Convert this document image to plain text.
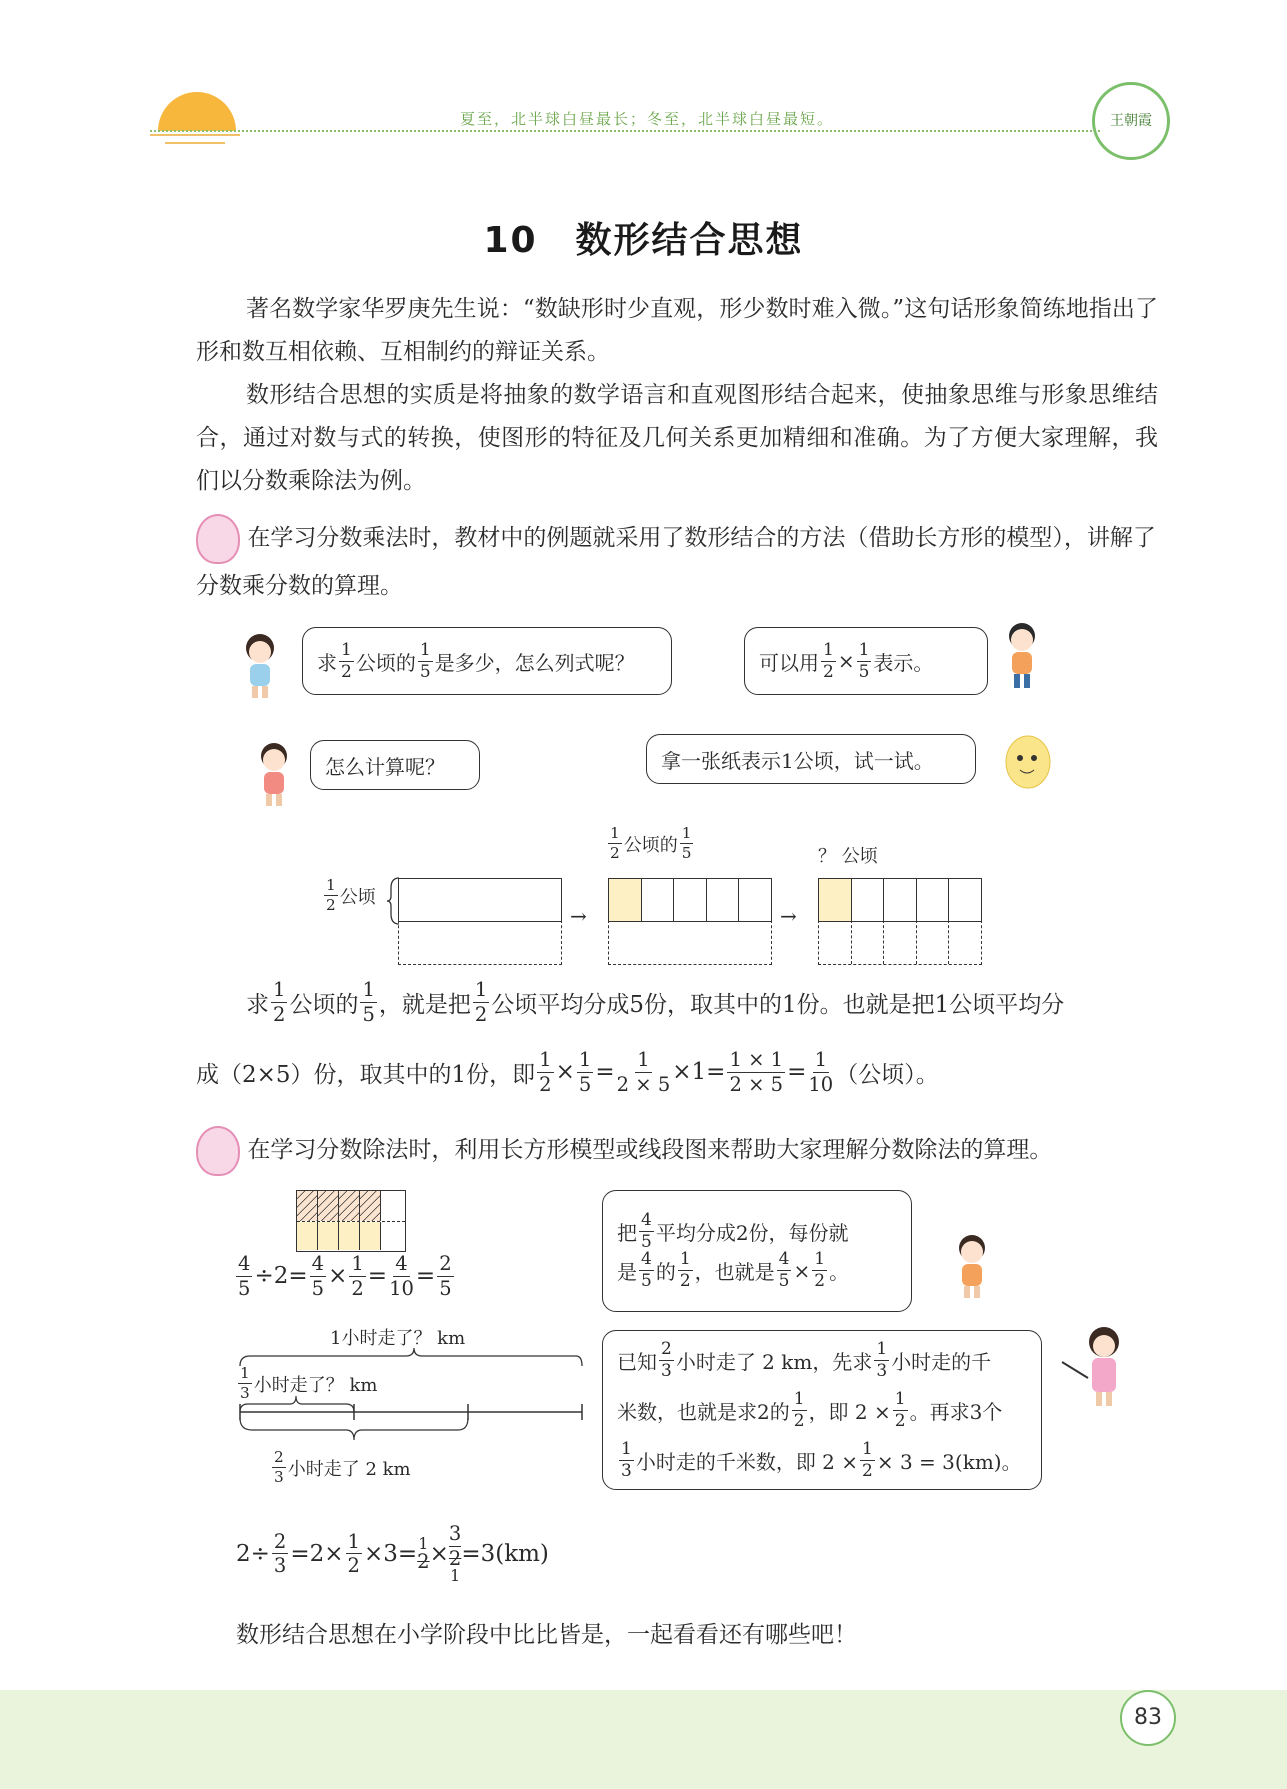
夏至，北半球白昼最长；冬至，北半球白昼最短。	王朝霞
10　数形结合思想

著名数学家华罗庚先生说：“数缺形时少直观，形少数时难入微。”这句话形象简练地指出了形和数互相依赖、互相制约的辩证关系。

数形结合思想的实质是将抽象的数学语言和直观图形结合起来，使抽象思维与形象思维结合，通过对数与式的转换，使图形的特征及几何关系更加精细和准确。为了方便大家理解，我们以分数乘除法为例。

在学习分数乘法时，教材中的例题就采用了数形结合的方法（借助长方形的模型），讲解了分数乘分数的算理。
求 $\frac{1}{2}$ 公顷的 $\frac{1}{5}$ 是多少，怎么列式呢？	可以用 $\frac{1}{2} \times \frac{1}{5}$ 表示。
怎么计算呢？	拿一张纸表示1公顷，试一试。
$\frac{1}{2}$ 公顷
→
$\frac{1}{2}$ 公顷的 $\frac{1}{5}$
→
？ 公顷
求 $\frac{1}{2}$ 公顷的 $\frac{1}{5}$ ，就是把 $\frac{1}{2}$ 公顷平均分成5份，取其中的1份。也就是把1公顷平均分
成（2×5）份，取其中的1份，即 $\frac{1}{2} \times \frac{1}{5} = \frac{1}{2 \times 5} \times 1= \frac{1 \times 1}{2 \times 5} = \frac{1}{10}$ （公顷）。
在学习分数除法时，利用长方形模型或线段图来帮助大家理解分数除法的算理。
$\frac{4}{5} \div 2= \frac{4}{5} \times \frac{1}{2} = \frac{4}{10} = \frac{2}{5}$
把 $\frac{4}{5}$ 平均分成2份，每份就
是 $\frac{4}{5}$ 的 $\frac{1}{2}$ ，也就是 $\frac{4}{5} \times \frac{1}{2}$ 。
1小时走了？ km
$\frac{1}{3}$ 小时走了？ km
$\frac{2}{3}$ 小时走了 2 km
已知 $\frac{2}{3}$ 小时走了 2 km，先求 $\frac{1}{3}$ 小时走的千
米数，也就是求2的 $\frac{1}{2}$ ，即 $2 \times \frac{1}{2}$ 。再求3个
$\frac{1}{3}$ 小时走的千米数，即 $2 \times \frac{1}{2} \times 3 = 3(km)$。
$2\div \frac{2}{3} =2\times \frac{1}{2} \times 3= 1$
2 ×
3
2
1
=3(km)
数形结合思想在小学阶段中比比皆是，一起看看还有哪些吧！
83
